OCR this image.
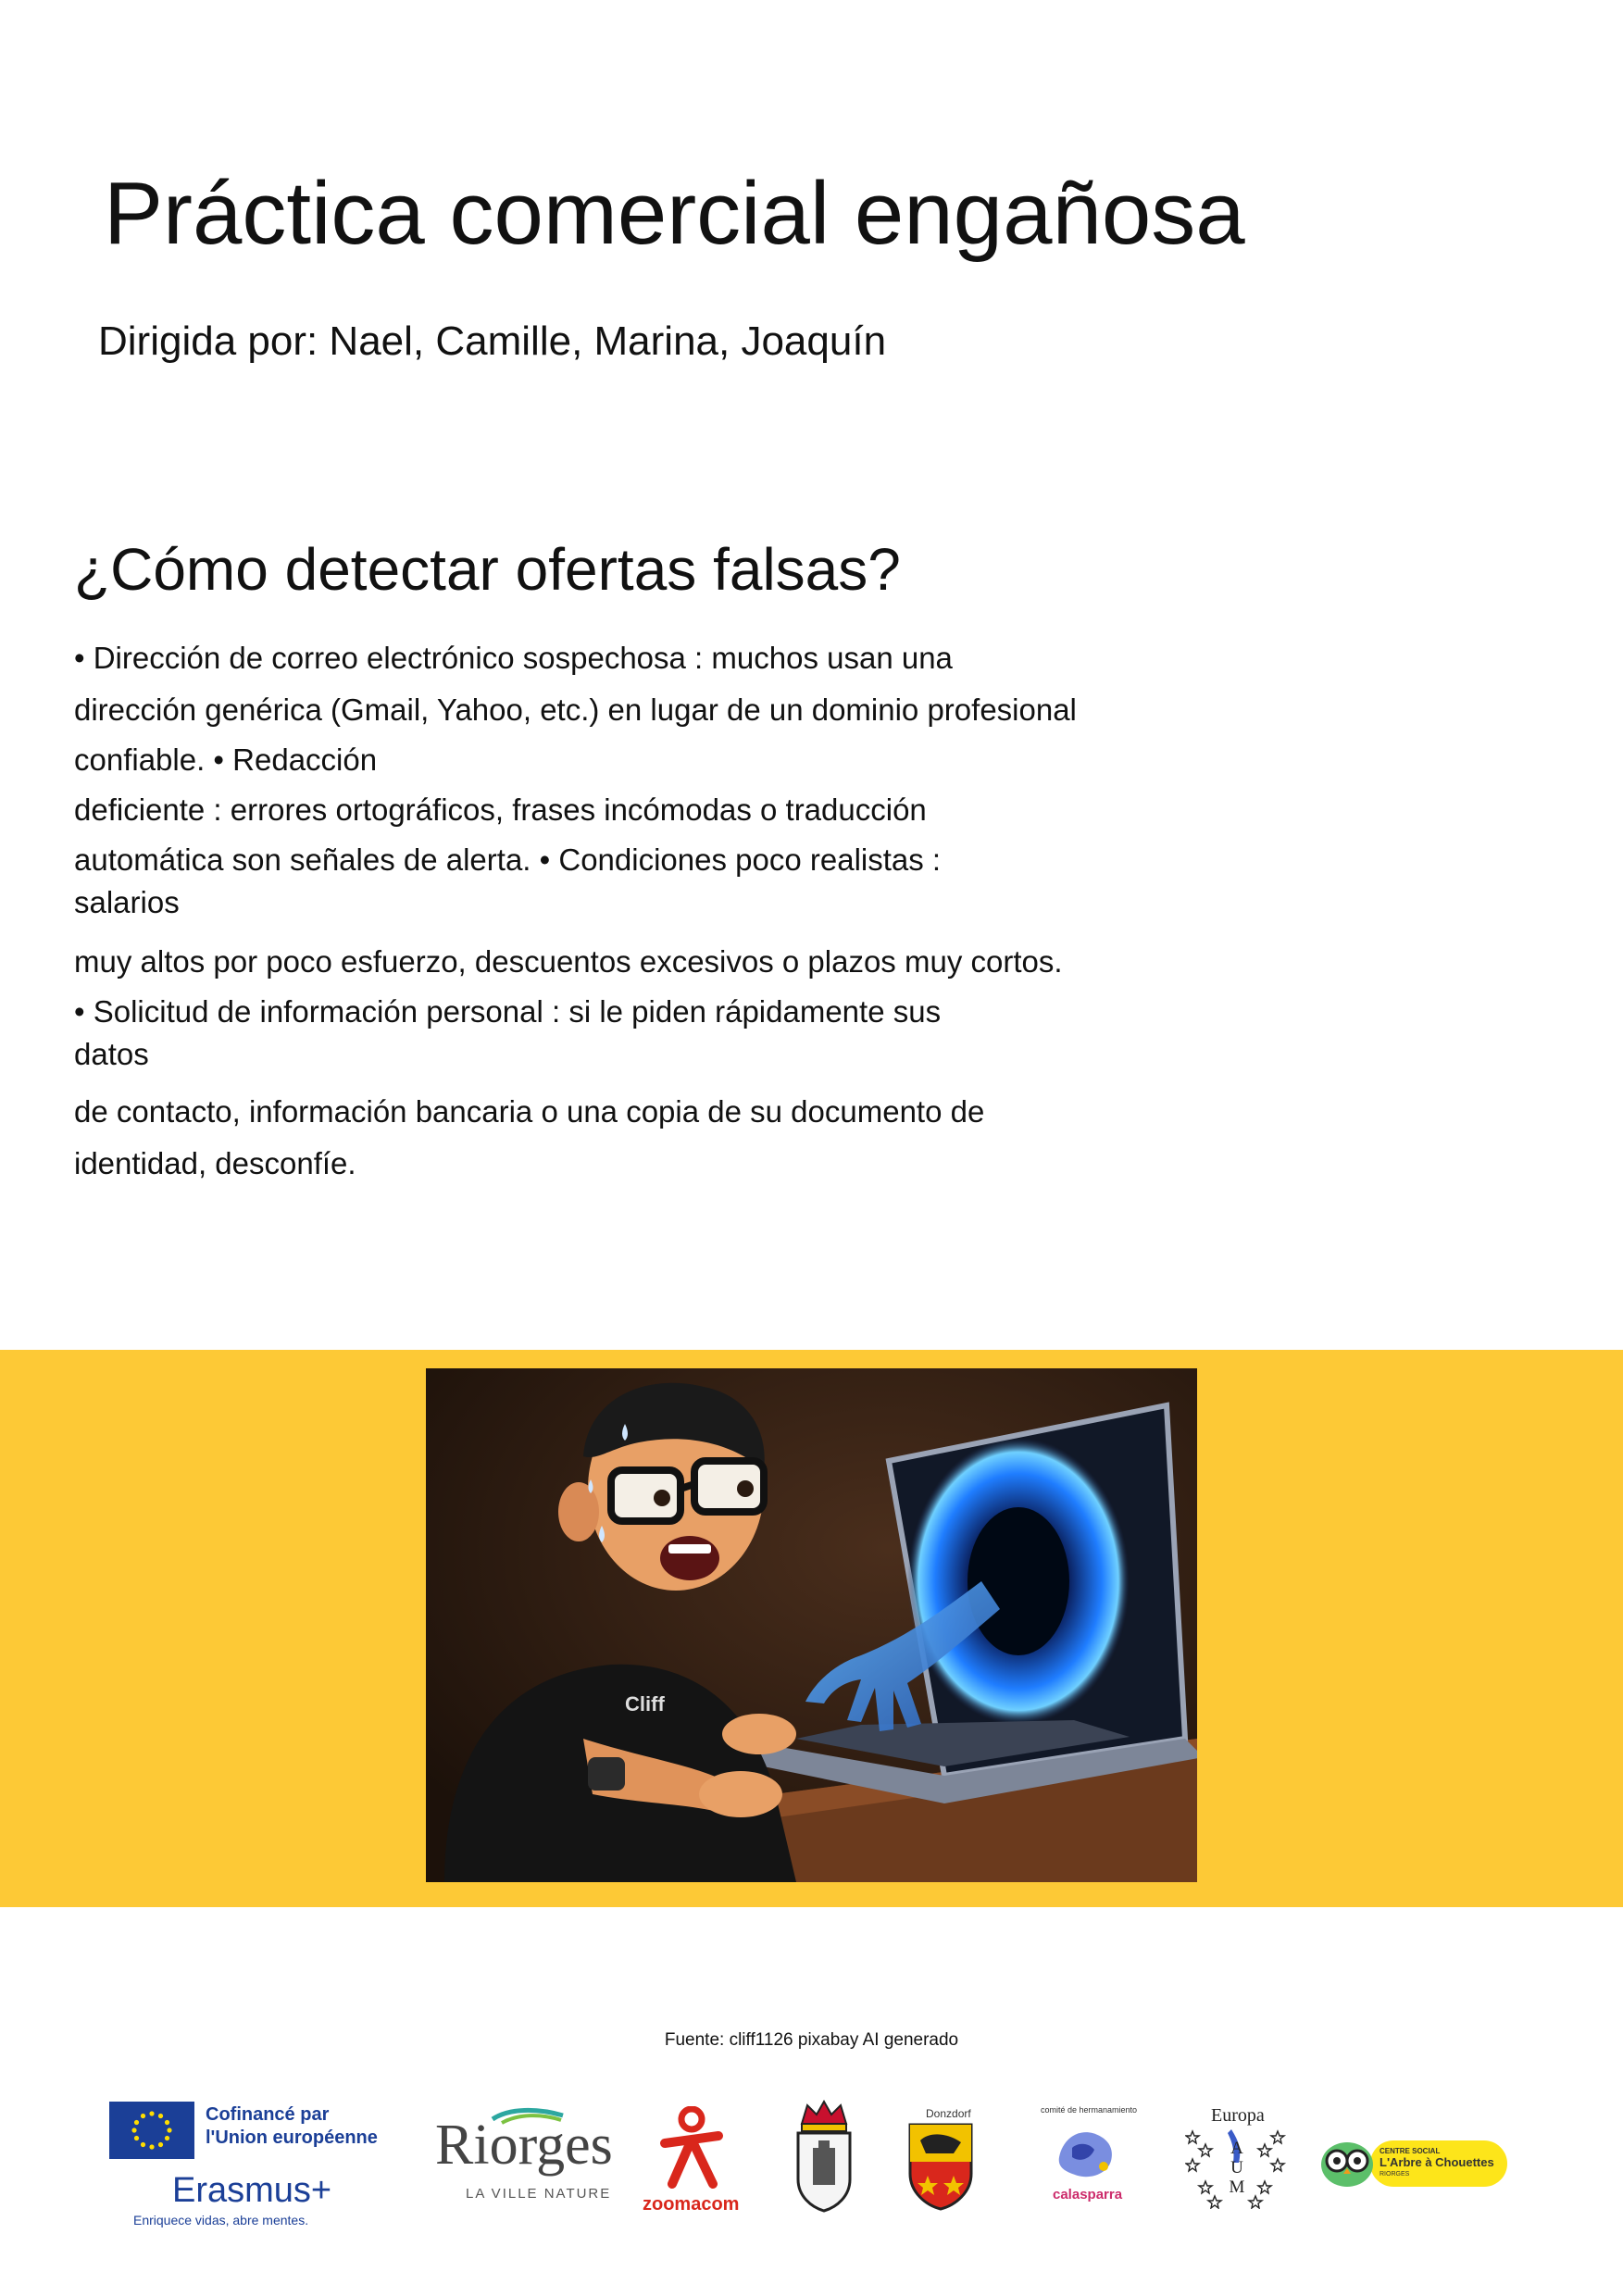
Práctica comercial engañosa

Dirigida por: Nael, Camille, Marina, Joaquín

¿Cómo detectar ofertas falsas?

• Dirección de correo electrónico sospechosa : muchos usan una

dirección genérica (Gmail, Yahoo, etc.) en lugar de un dominio profesional

confiable. • Redacción

deficiente : errores ortográficos, frases incómodas o traducción

automática son señales de alerta. • Condiciones poco realistas :

salarios

muy altos por poco esfuerzo, descuentos excesivos o plazos muy cortos.

• Solicitud de información personal : si le piden rápidamente sus

datos

de contacto, información bancaria o una copia de su documento de

identidad, desconfíe.

Cliff

Fuente: cliff1126 pixabay AI generado

Cofinancé par
l'Union européenne
Erasmus+
Enriquece vidas, abre mentes.
Riorges
LA VILLE NATURE
zoomacom
Donzdorf	comité de hermanamiento
calasparra
Europa
A
U
M
CENTRE SOCIAL
L'Arbre à Chouettes
RIORGES
